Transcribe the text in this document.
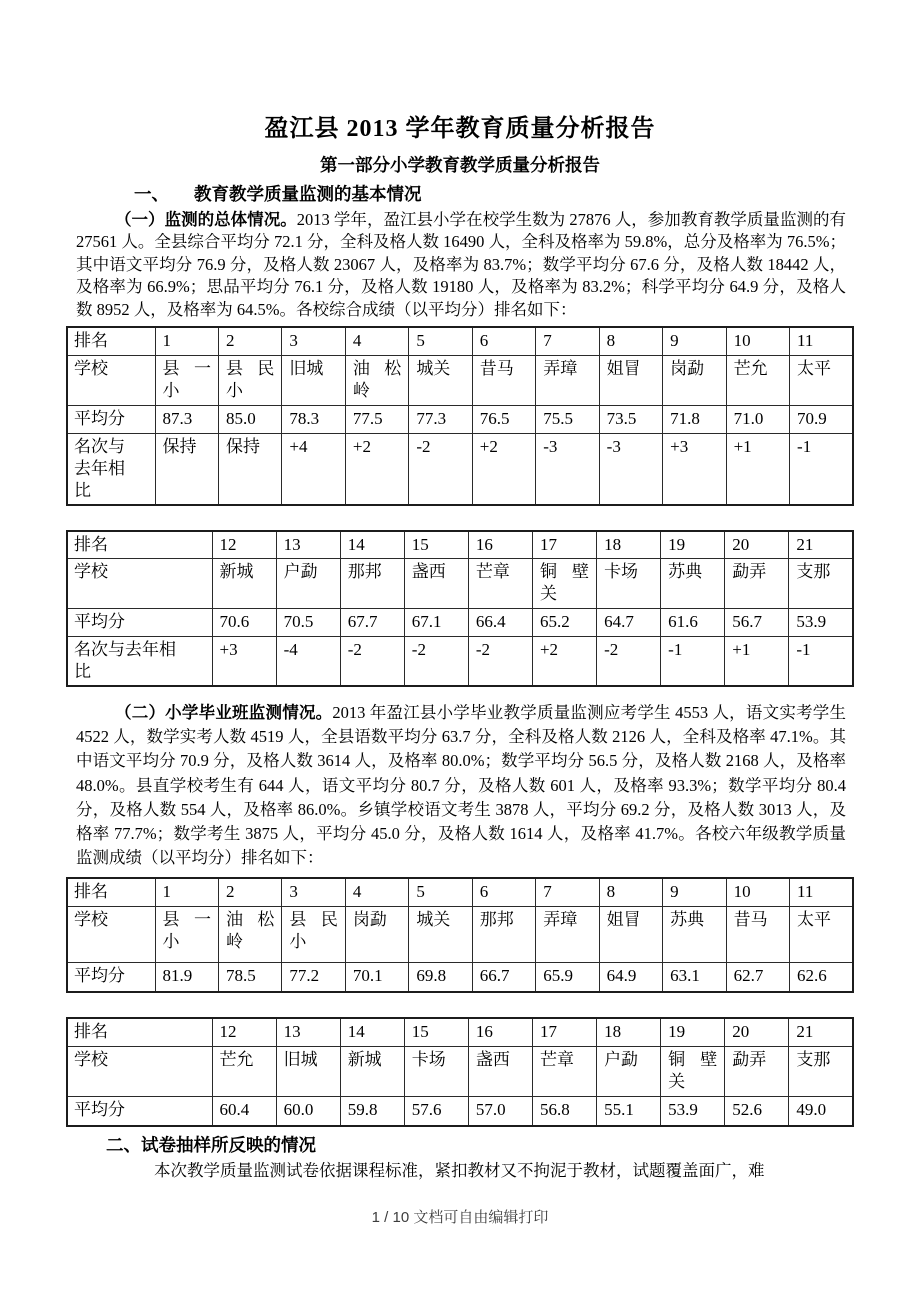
盈江县 2013 学年教育质量分析报告
第一部分小学教育教学质量分析报告
一、 教育教学质量监测的基本情况

（一）监测的总体情况。2013 学年，盈江县小学在校学生数为 27876 人，参加教育教学质量监测的有 27561 人。全县综合平均分 72.1 分，全科及格人数 16490 人，全科及格率为 59.8%，总分及格率为 76.5%；其中语文平均分 76.9 分，及格人数 23067 人，及格率为 83.7%；数学平均分 67.6 分，及格人数 18442 人，及格率为 66.9%；思品平均分 76.1 分，及格人数 19180 人，及格率为 83.2%；科学平均分 64.9 分，及格人数 8952 人，及格率为 64.5%。各校综合成绩（以平均分）排名如下：

排名	1	2	3	4	5	6	7	8	9	10	11
学校	县一小	县民小	旧城	油松岭	城关	昔马	弄璋	姐冒	岗勐	芒允	太平
平均分	87.3	85.0	78.3	77.5	77.3	76.5	75.5	73.5	71.8	71.0	70.9
名次与去年相比	保持	保持	+4	+2	-2	+2	-3	-3	+3	+1	-1
排名	12	13	14	15	16	17	18	19	20	21
学校	新城	户勐	那邦	盏西	芒章	铜壁关	卡场	苏典	勐弄	支那
平均分	70.6	70.5	67.7	67.1	66.4	65.2	64.7	61.6	56.7	53.9
名次与去年相比	+3	-4	-2	-2	-2	+2	-2	-1	+1	-1

（二）小学毕业班监测情况。2013 年盈江县小学毕业教学质量监测应考学生 4553 人，语文实考学生 4522 人，数学实考人数 4519 人，全县语数平均分 63.7 分，全科及格人数 2126 人，全科及格率 47.1%。其中语文平均分 70.9 分，及格人数 3614 人，及格率 80.0%；数学平均分 56.5 分，及格人数 2168 人，及格率 48.0%。县直学校考生有 644 人，语文平均分 80.7 分，及格人数 601 人，及格率 93.3%；数学平均分 80.4 分，及格人数 554 人，及格率 86.0%。乡镇学校语文考生 3878 人，平均分 69.2 分，及格人数 3013 人，及格率 77.7%；数学考生 3875 人，平均分 45.0 分，及格人数 1614 人，及格率 41.7%。各校六年级教学质量监测成绩（以平均分）排名如下：

排名	1	2	3	4	5	6	7	8	9	10	11
学校	县一小	油松岭	县民小	岗勐	城关	那邦	弄璋	姐冒	苏典	昔马	太平
平均分	81.9	78.5	77.2	70.1	69.8	66.7	65.9	64.9	63.1	62.7	62.6
排名	12	13	14	15	16	17	18	19	20	21
学校	芒允	旧城	新城	卡场	盏西	芒章	户勐	铜壁关	勐弄	支那
平均分	60.4	60.0	59.8	57.6	57.0	56.8	55.1	53.9	52.6	49.0
二、试卷抽样所反映的情况

本次教学质量监测试卷依据课程标准，紧扣教材又不拘泥于教材，试题覆盖面广，难

1 / 10 文档可自由编辑打印
